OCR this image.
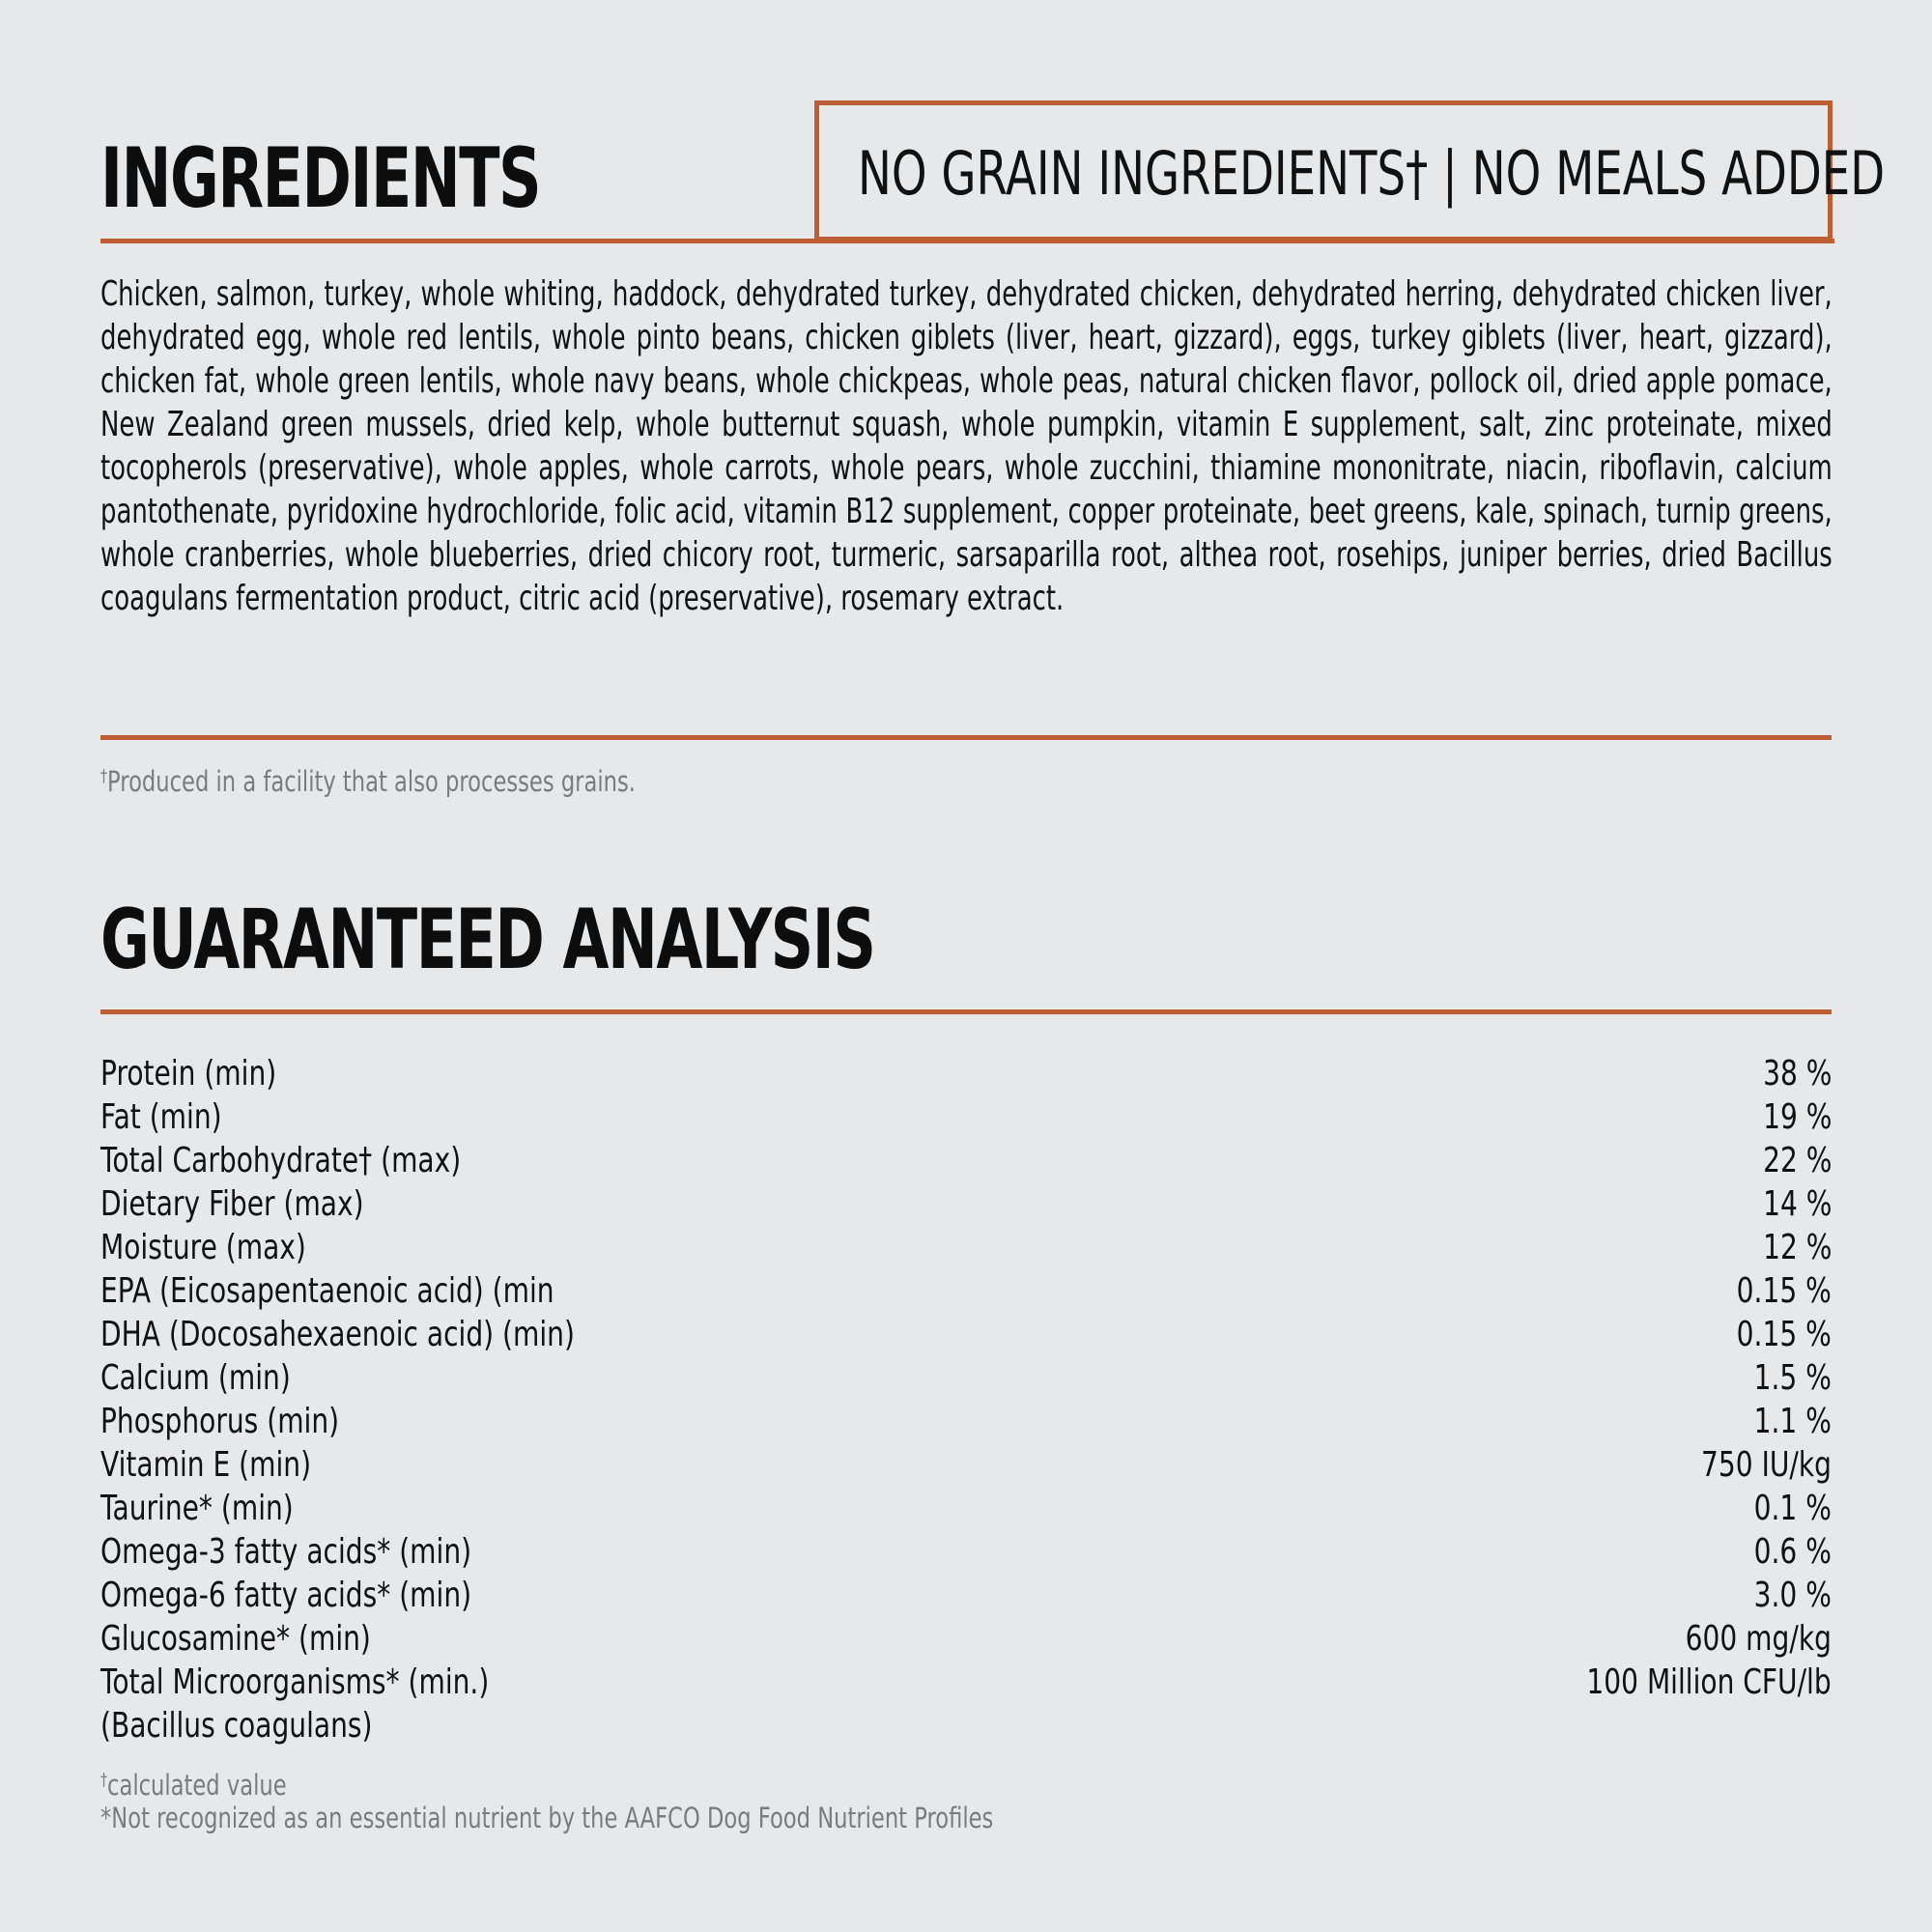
INGREDIENTS	NO GRAIN INGREDIENTS† | NO MEALS ADDED

Chicken, salmon, turkey, whole whiting, haddock, dehydrated turkey, dehydrated chicken, dehydrated herring, dehydrated chicken liver, dehydrated egg, whole red lentils, whole pinto beans, chicken giblets (liver, heart, gizzard), eggs, turkey giblets (liver, heart, gizzard), chicken fat, whole green lentils, whole navy beans, whole chickpeas, whole peas, natural chicken flavor, pollock oil, dried apple pomace, New Zealand green mussels, dried kelp, whole butternut squash, whole pumpkin, vitamin E supplement, salt, zinc proteinate, mixed tocopherols (preservative), whole apples, whole carrots, whole pears, whole zucchini, thiamine mononitrate, niacin, riboflavin, calcium pantothenate, pyridoxine hydrochloride, folic acid, vitamin B12 supplement, copper proteinate, beet greens, kale, spinach, turnip greens, whole cranberries, whole blueberries, dried chicory root, turmeric, sarsaparilla root, althea root, rosehips, juniper berries, dried Bacillus coagulans fermentation product, citric acid (preservative), rosemary extract.

†Produced in a facility that also processes grains.

GUARANTEED ANALYSIS
Protein (min)	38 %
Fat (min)	19 %
Total Carbohydrate† (max)	22 %
Dietary Fiber (max)	14 %
Moisture (max)	12 %
EPA (Eicosapentaenoic acid) (min	0.15 %
DHA (Docosahexaenoic acid) (min)	0.15 %
Calcium (min)	1.5 %
Phosphorus (min)	1.1 %
Vitamin E (min)	750 IU/kg
Taurine* (min)	0.1 %
Omega-3 fatty acids* (min)	0.6 %
Omega-6 fatty acids* (min)	3.0 %
Glucosamine* (min)	600 mg/kg
Total Microorganisms* (min.)	100 Million CFU/lb
(Bacillus coagulans)

†calculated value

*Not recognized as an essential nutrient by the AAFCO Dog Food Nutrient Profiles
